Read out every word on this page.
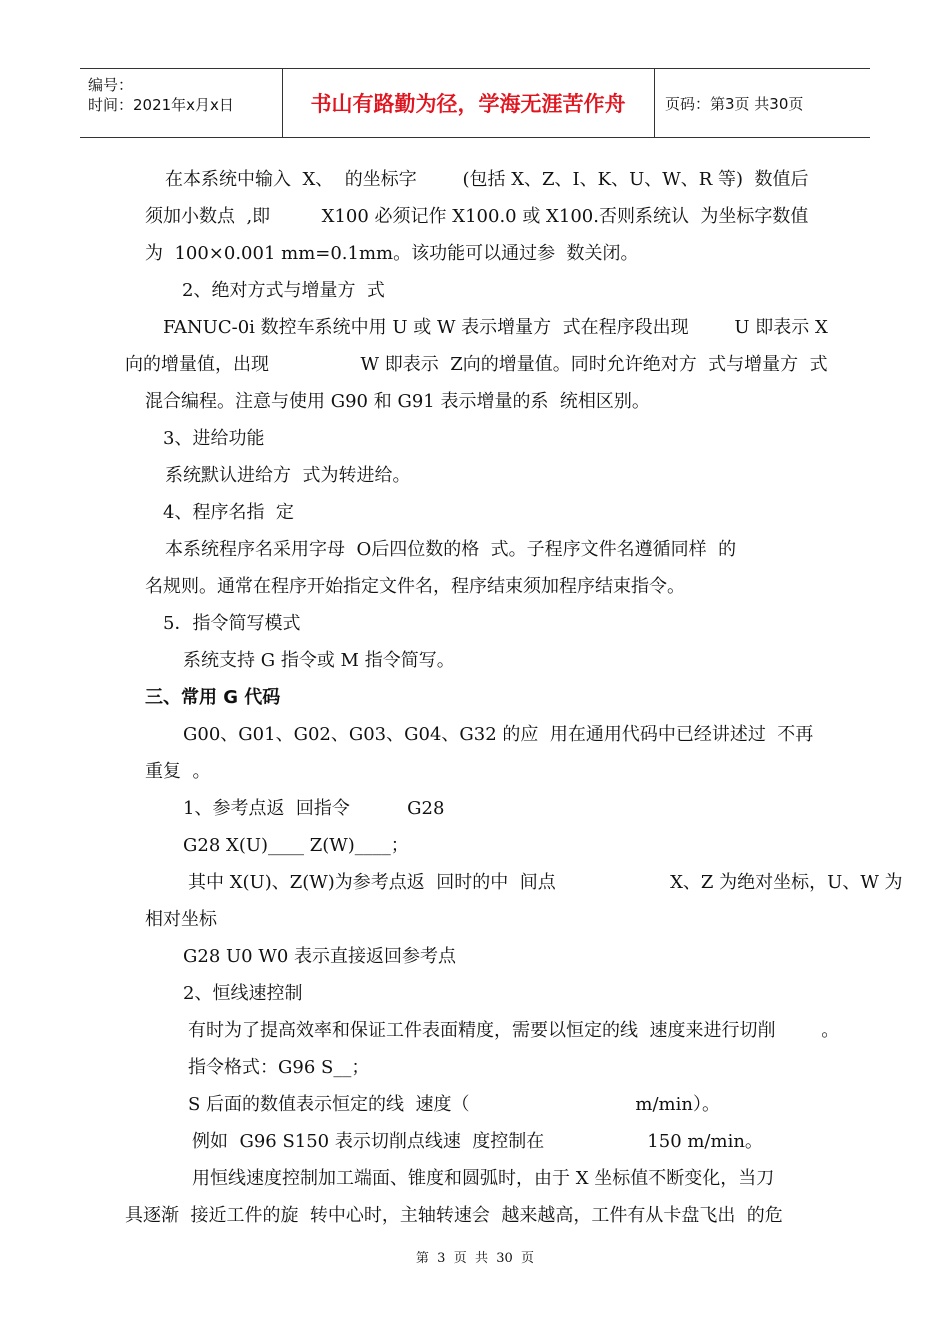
编号：
时间：2021年x月x日	书山有路勤为径，学海无涯苦作舟	页码：第3页 共30页
在本系统中输入  X、  的坐标字        (包括 X、Z、I、K、U、W、R 等)  数值后
须加小数点  ,即         X100 必须记作 X100.0 或 X100.否则系统认  为坐标字数值
为  100×0.001 mm=0.1mm。该功能可以通过参  数关闭。
2、绝对方式与增量方  式
FANUC-0i 数控车系统中用 U 或 W 表示增量方  式在程序段出现        U 即表示 X
向的增量值，出现                W 即表示  Z向的增量值。同时允许绝对方  式与增量方  式
混合编程。注意与使用 G90 和 G91 表示增量的系  统相区别。
3、进给功能
系统默认进给方  式为转进给。
4、程序名指  定
本系统程序名采用字母  O后四位数的格  式。子程序文件名遵循同样  的
名规则。通常在程序开始指定文件名，程序结束须加程序结束指令。
5．指令简写模式
系统支持 G 指令或 M 指令简写。
三、常用 G 代码
G00、G01、G02、G03、G04、G32 的应  用在通用代码中已经讲述过  不再
重复  。
1、参考点返  回指令          G28
G28 X(U)____ Z(W)____；
其中 X(U)、Z(W)为参考点返  回时的中  间点                    X、Z 为绝对坐标，U、W 为
相对坐标
G28 U0 W0 表示直接返回参考点
2、恒线速控制
有时为了提高效率和保证工件表面精度，需要以恒定的线  速度来进行切削        。
指令格式：G96 S__；
S 后面的数值表示恒定的线  速度（                             m/min）。
例如  G96 S150 表示切削点线速  度控制在                  150 m/min。
用恒线速度控制加工端面、锥度和圆弧时，由于 X 坐标值不断变化，当刀
具逐渐  接近工件的旋  转中心时，主轴转速会  越来越高，工件有从卡盘飞出  的危
第  3  页  共  30  页
